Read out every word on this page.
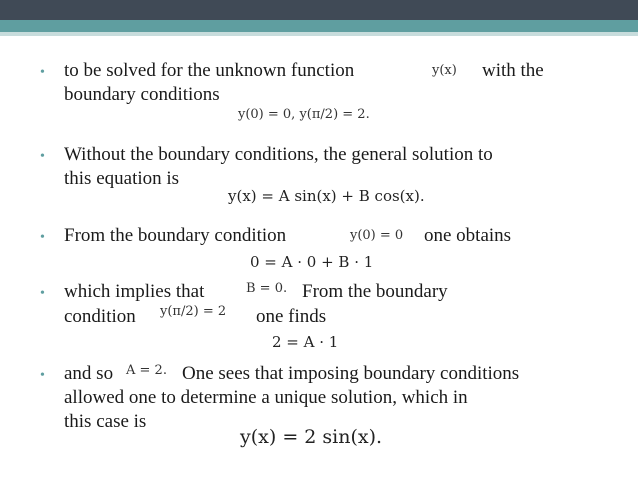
• to be solved for the unknown function	y(x) with the
boundary conditions
y(0) = 0, y(π/2) = 2.
• Without the boundary conditions, the general solution to
this equation is
y(x) = A sin(x) + B cos(x).
• From the boundary condition	y(0) = 0 one obtains
0 = A · 0 + B · 1
• which implies that	B = 0. From the boundary
condition y(π/2) = 2 one finds
2 = A · 1
• and so A = 2. One sees that imposing boundary conditions
allowed one to determine a unique solution, which in
this case is
y(x) = 2 sin(x).
